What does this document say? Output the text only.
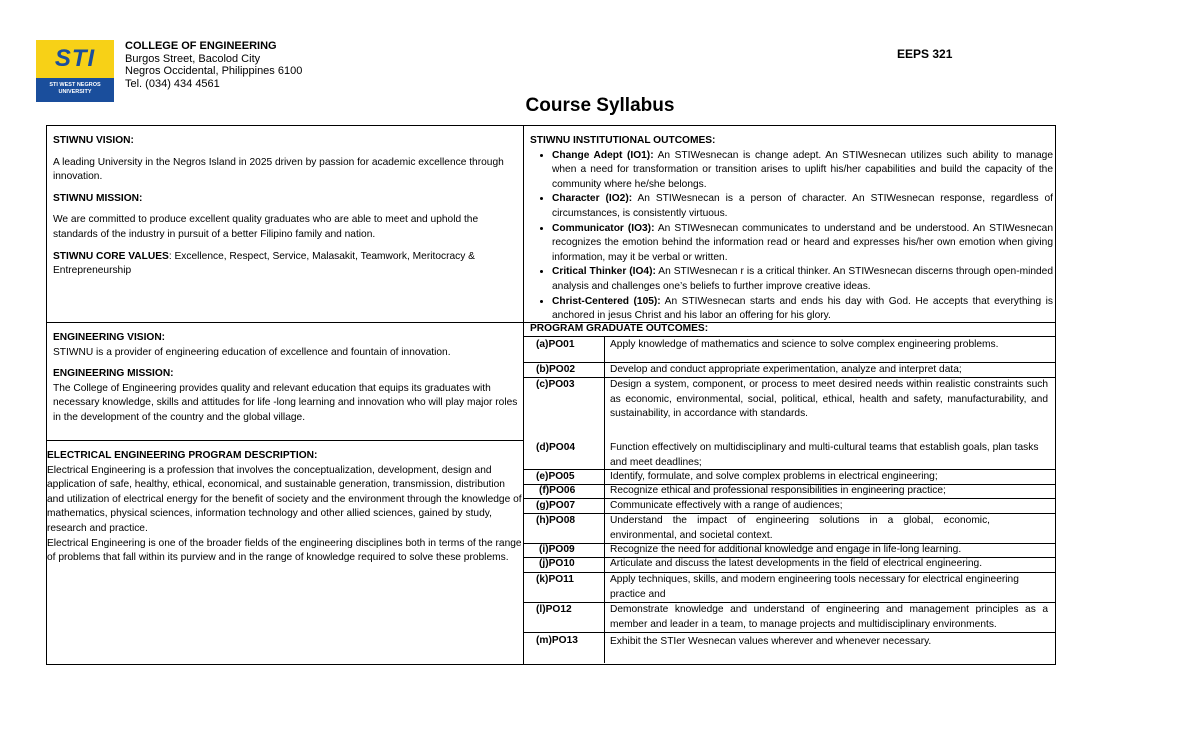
STI
STI WEST NEGROS UNIVERSITY
COLLEGE OF ENGINEERING
Burgos Street, Bacolod City
Negros Occidental, Philippines 6100
Tel. (034) 434 4561
EEPS 321
Course Syllabus

STIWNU VISION:

A leading University in the Negros Island in 2025 driven by passion for academic excellence through innovation.

STIWNU MISSION:

We are committed to produce excellent quality graduates who are able to meet and uphold the standards of the industry in pursuit of a better Filipino family and nation.

STIWNU CORE VALUES: Excellence, Respect, Service, Malasakit, Teamwork, Meritocracy & Entrepreneurship

ENGINEERING VISION:

STIWNU is a provider of engineering education of excellence and fountain of innovation.

ENGINEERING MISSION:

The College of Engineering provides quality and relevant education that equips its graduates with necessary knowledge, skills and attitudes for life -long learning and innovation who will play major roles in the development of the country and the global village.

ELECTRICAL ENGINEERING PROGRAM DESCRIPTION:

Electrical Engineering is a profession that involves the conceptualization, development, design and application of safe, healthy, ethical, economical, and sustainable generation, transmission, distribution and utilization of electrical energy for the benefit of society and the environment through the knowledge of mathematics, physical sciences, information technology and other allied sciences, gained by study, research and practice.

Electrical Engineering is one of the broader fields of the engineering disciplines both in terms of the range of problems that fall within its purview and in the range of knowledge required to solve these problems.

STIWNU INSTITUTIONAL OUTCOMES:

• Change Adept (IO1): An STIWesnecan is change adept. An STIWesnecan utilizes such ability to manage when a need for transformation or transition arises to uplift his/her capabilities and build the capacity of the community where he/she belongs.
• Character (IO2): An STIWesnecan is a person of character. An STIWesnecan response, regardless of circumstances, is consistently virtuous.
• Communicator (IO3): An STIWesnecan communicates to understand and be understood. An STIWesnecan recognizes the emotion behind the information read or heard and expresses his/her own emotion when giving information, may it be verbal or written.
• Critical Thinker (IO4): An STIWesnecan r is a critical thinker. An STIWesnecan discerns through open-minded analysis and challenges one’s beliefs to further improve creative ideas.
• Christ-Centered (105): An STIWesnecan starts and ends his day with God. He accepts that everything is anchored in jesus Christ and his labor an offering for his glory.
PROGRAM GRADUATE OUTCOMES:
(a)PO01	Apply knowledge of mathematics and science to solve complex engineering problems.
(b)PO02	Develop and conduct appropriate experimentation, analyze and interpret data;
(c)PO03	Design a system, component, or process to meet desired needs within realistic constraints such as economic, environmental, social, political, ethical, health and safety, manufacturability, and sustainability, in accordance with standards.
(d)PO04	Function effectively on multidisciplinary and multi-cultural teams that establish goals, plan tasks and meet deadlines;
(e)PO05	Identify, formulate, and solve complex problems in electrical engineering;
(f)PO06	Recognize ethical and professional responsibilities in engineering practice;
(g)PO07	Communicate effectively with a range of audiences;
(h)PO08	Understand the impact of engineering solutions in a global, economic, environmental, and societal context.
(i)PO09	Recognize the need for additional knowledge and engage in life-long learning.
(j)PO10	Articulate and discuss the latest developments in the field of electrical engineering.
(k)PO11	Apply techniques, skills, and modern engineering tools necessary for electrical engineering practice and
(l)PO12	Demonstrate knowledge and understand of engineering and management principles as a member and leader in a team, to manage projects and multidisciplinary environments.
(m)PO13	Exhibit the STIer Wesnecan values wherever and whenever necessary.
